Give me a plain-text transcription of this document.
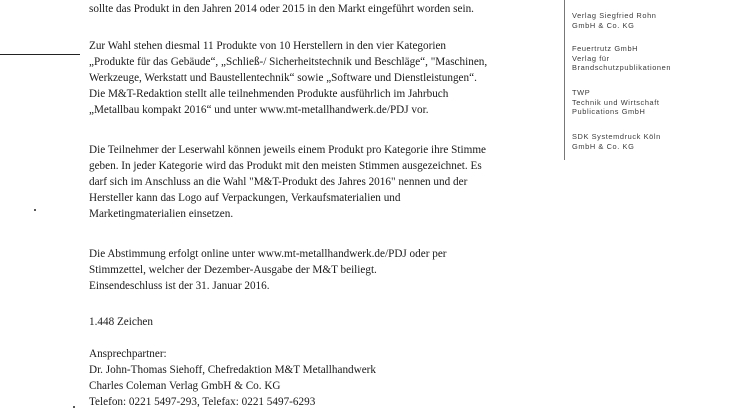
sollte das Produkt in den Jahren 2014 oder 2015 in den Markt eingeführt worden sein.

Zur Wahl stehen diesmal 11 Produkte von 10 Herstellern in den vier Kategorien
„Produkte für das Gebäude“, „Schließ-/ Sicherheitstechnik und Beschläge“, "Maschinen,
Werkzeuge, Werkstatt und Baustellentechnik“ sowie „Software und Dienstleistungen“.
Die M&T-Redaktion stellt alle teilnehmenden Produkte ausführlich im Jahrbuch
„Metallbau kompakt 2016“ und unter www.mt-metallhandwerk.de/PDJ vor.

Die Teilnehmer der Leserwahl können jeweils einem Produkt pro Kategorie ihre Stimme
geben. In jeder Kategorie wird das Produkt mit den meisten Stimmen ausgezeichnet. Es
darf sich im Anschluss an die Wahl "M&T-Produkt des Jahres 2016" nennen und der
Hersteller kann das Logo auf Verpackungen, Verkaufsmaterialien und
Marketingmaterialien einsetzen.

Die Abstimmung erfolgt online unter www.mt-metallhandwerk.de/PDJ oder per
Stimmzettel, welcher der Dezember-Ausgabe der M&T beiliegt.
Einsendeschluss ist der 31. Januar 2016.

1.448 Zeichen

Ansprechpartner:
Dr. John-Thomas Siehoff, Chefredaktion M&T Metallhandwerk
Charles Coleman Verlag GmbH & Co. KG
Telefon: 0221 5497-293, Telefax: 0221 5497-6293

Verlag Siegfried Rohn
GmbH & Co. KG
Feuertrutz GmbH
Verlag für
Brandschutzpublikationen
TWP
Technik und Wirtschaft
Publications GmbH
SDK Systemdruck Köln
GmbH & Co. KG
